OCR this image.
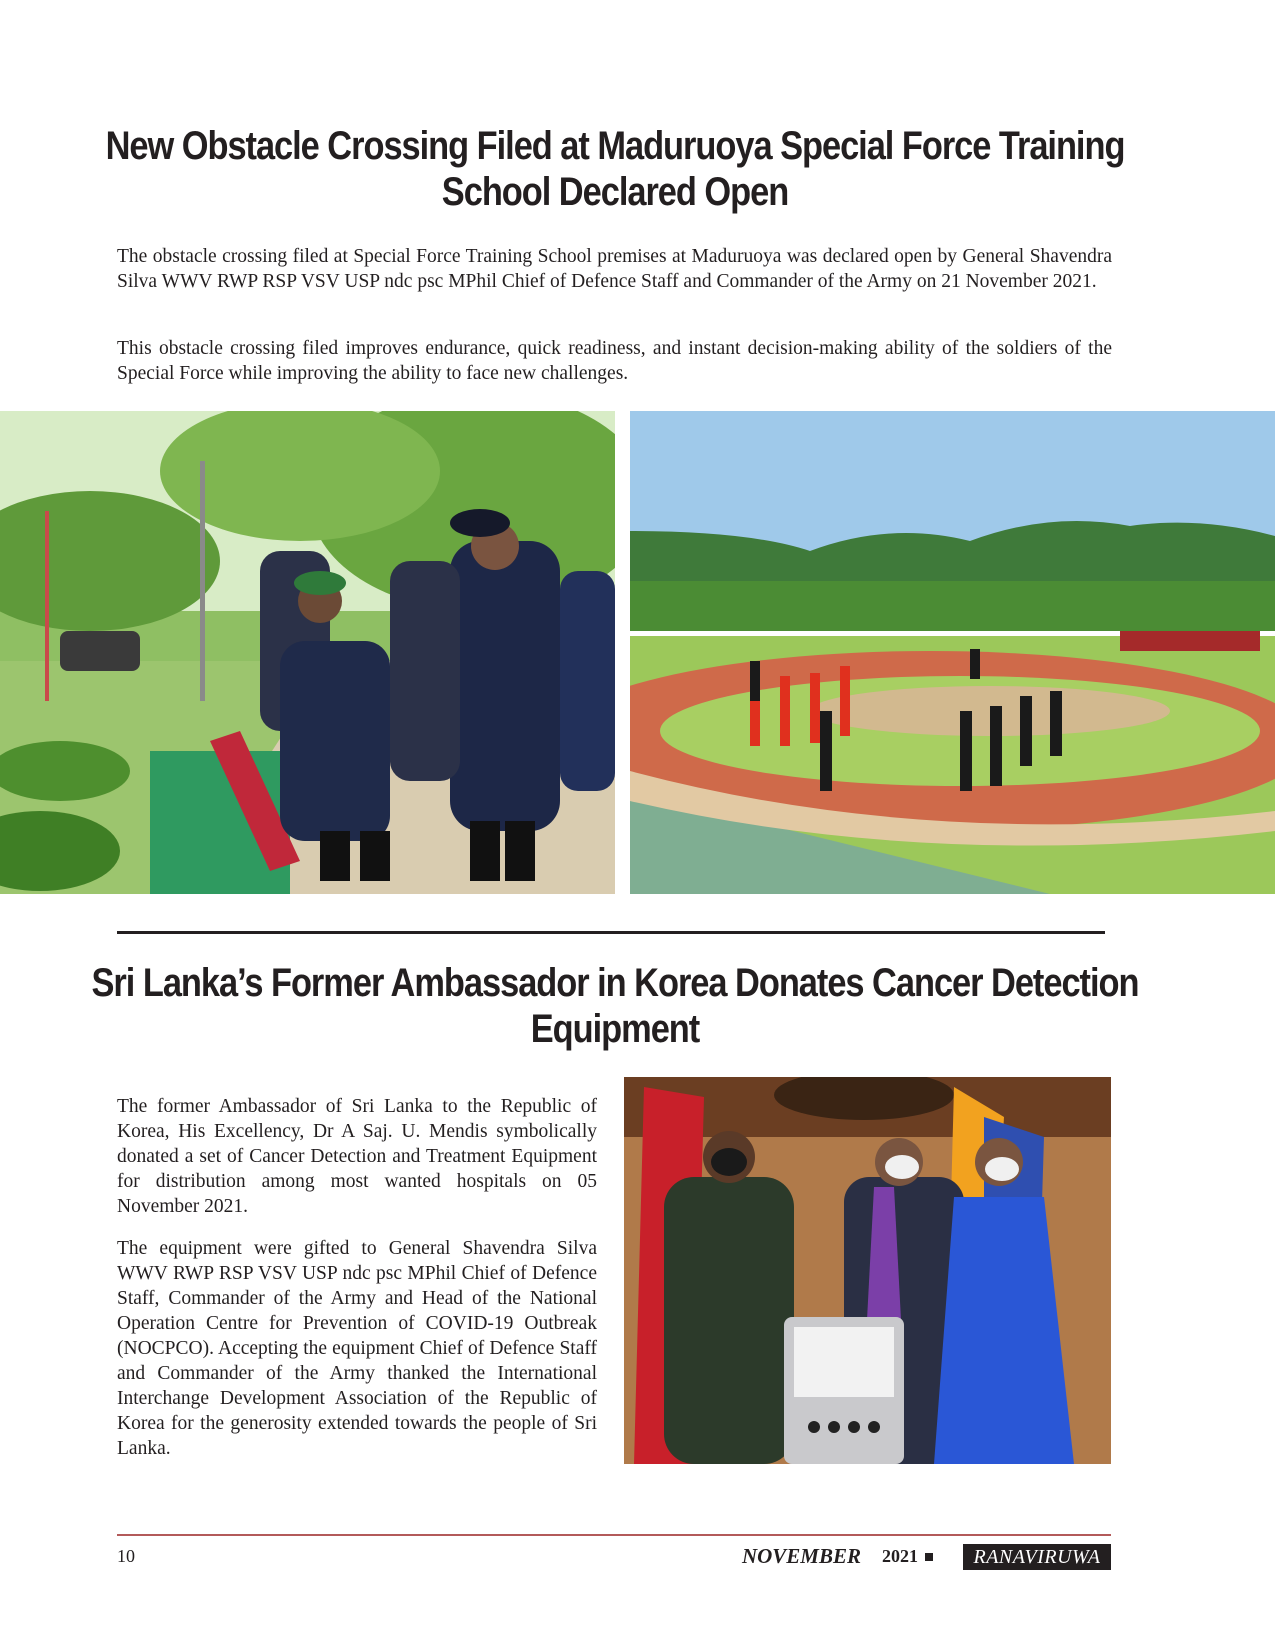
New Obstacle Crossing Filed at Maduruoya Special Force Training School Declared Open

The obstacle crossing filed at Special Force Training School premises at Maduruoya was declared open by General Shavendra Silva WWV RWP RSP VSV USP ndc psc MPhil Chief of Defence Staff and Commander of the Army on 21 November 2021.

This obstacle crossing filed improves endurance, quick readiness, and instant decision-making ability of the soldiers of the Special Force while improving the ability to face new challenges.

Sri Lanka’s Former Ambassador in Korea Donates Cancer Detection Equipment

The former Ambassador of Sri Lanka to the Republic of Korea, His Excellency, Dr A Saj. U. Mendis symbolically donated a set of Cancer Detection and Treatment Equipment for distribution among most wanted hospitals on 05 November 2021.

The equipment were gifted to General Shavendra Silva WWV RWP RSP VSV USP ndc psc MPhil Chief of Defence Staff, Commander of the Army and Head of the National Operation Centre for Prevention of COVID-19 Outbreak (NOCPCO). Accepting the equipment Chief of Defence Staff and Commander of the Army thanked the International Interchange Development Association of the Republic of Korea for the generosity extended towards the people of Sri Lanka.

10	NOVEMBER 2021	RANAVIRUWA
